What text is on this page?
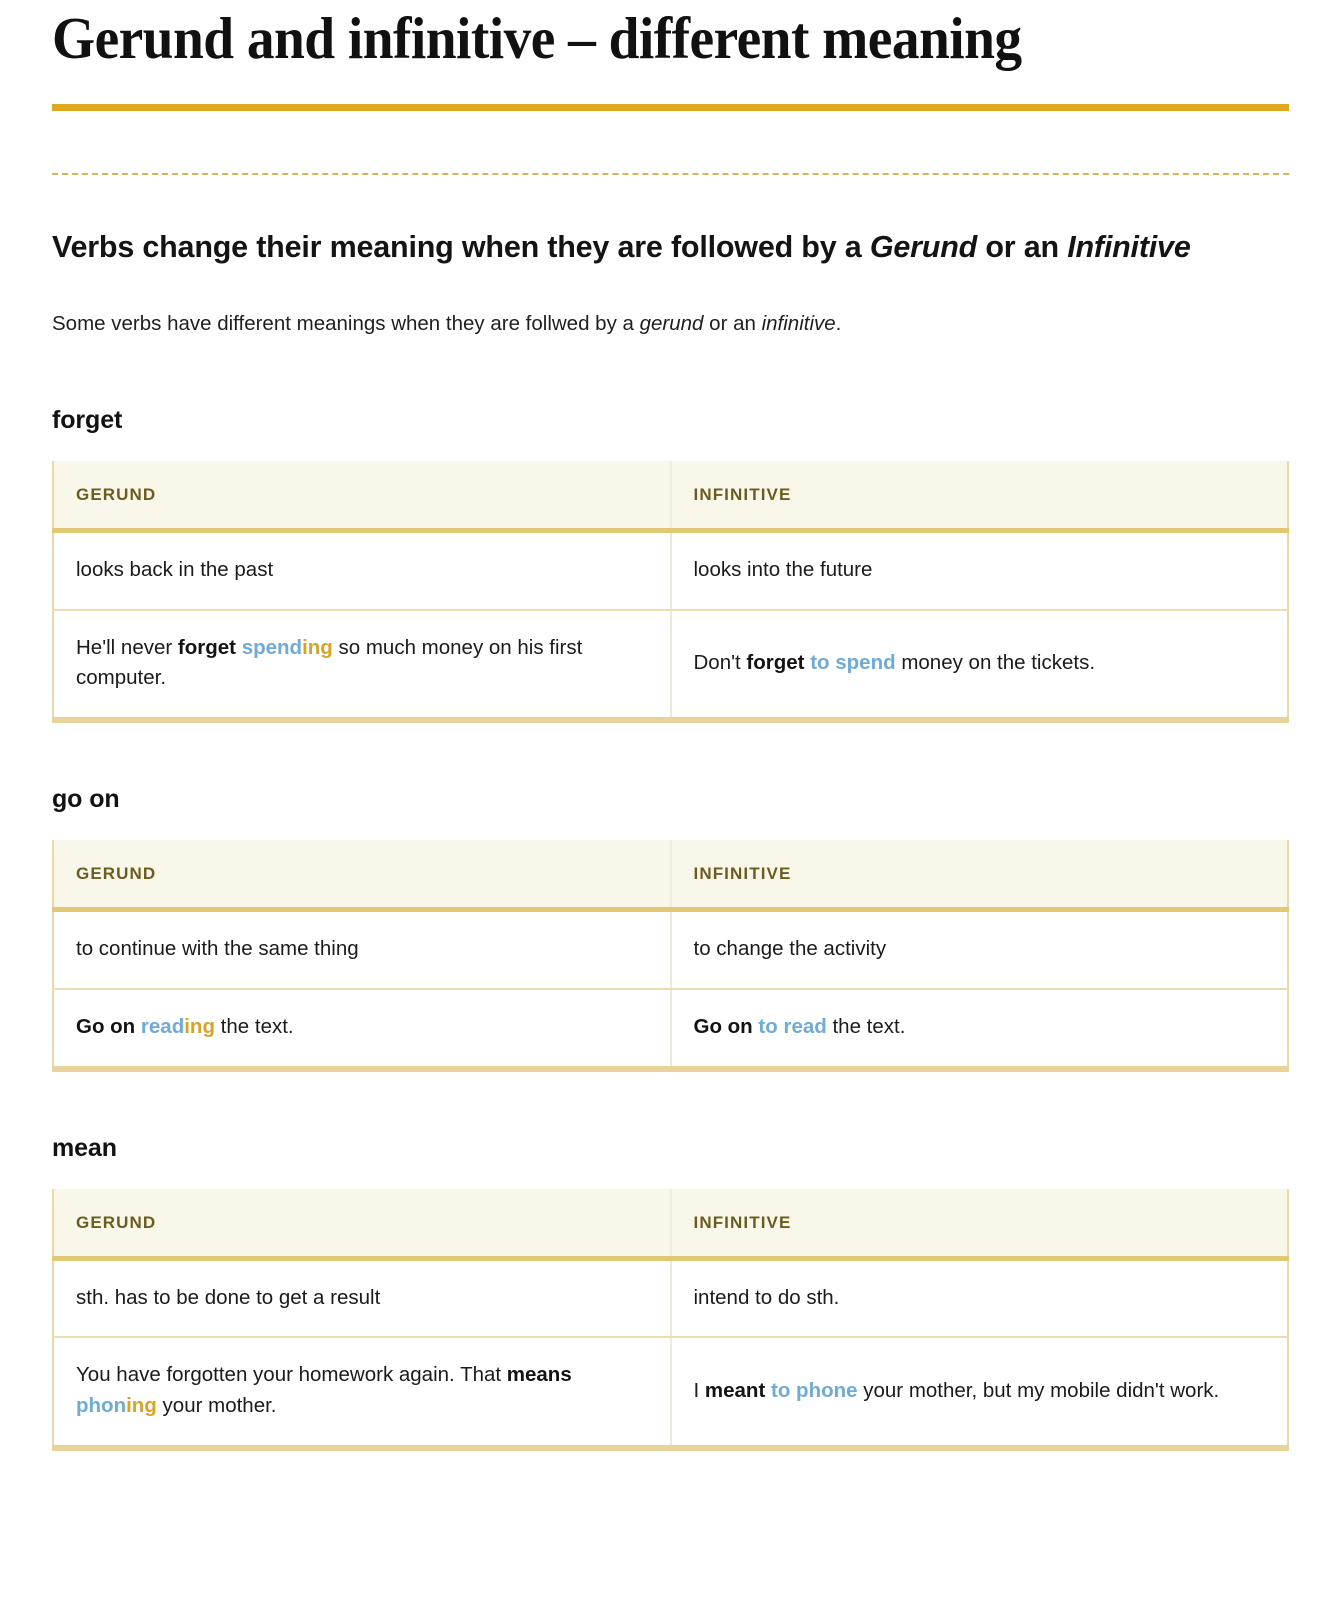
Gerund and infinitive – different meaning
Verbs change their meaning when they are followed by a Gerund or an Infinitive

Some verbs have different meanings when they are follwed by a gerund or an infinitive.

forget
GERUND	INFINITIVE
looks back in the past	looks into the future
He'll never forget spending so much money on his first computer.	Don't forget to spend money on the tickets.
go on
GERUND	INFINITIVE
to continue with the same thing	to change the activity
Go on reading the text.	Go on to read the text.
mean
GERUND	INFINITIVE
sth. has to be done to get a result	intend to do sth.
You have forgotten your homework again. That means phoning your mother.	I meant to phone your mother, but my mobile didn't work.
